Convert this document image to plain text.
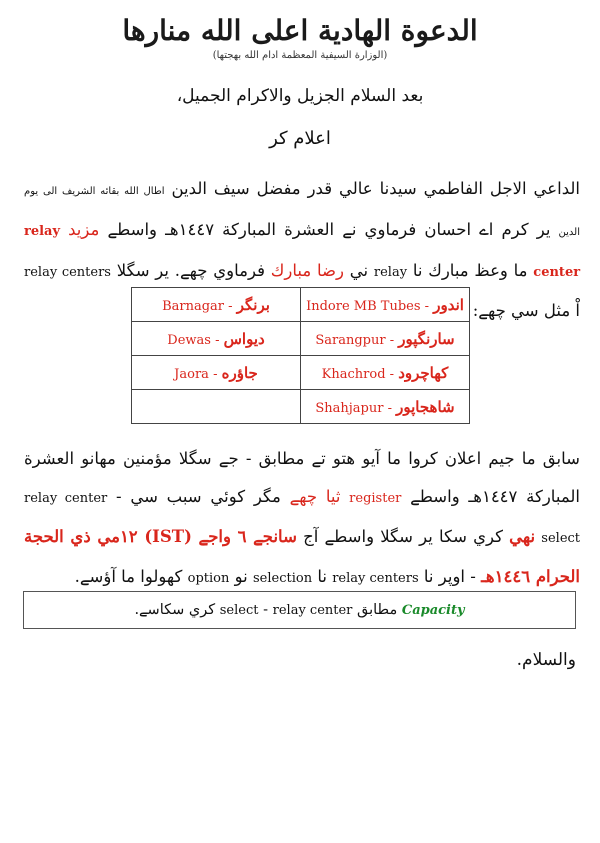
الدعوة الهادية اعلى الله منارها
(الوزارة السيفية المعظمة ادام الله بهجتها)
بعد السلام الجزيل والاكرام الجميل،
اعلام كر
الداعي الاجل الفاطمي سيدنا عالي قدر مفضل سيف الدين اطال الله بقائه الشريف الى يوم الدين ير كرم اے احسان فرماوي نے العشرة المباركة ١٤٤٧هـ واسطے مزيد relay center ما وعظ مبارك نا relay ني رضا مبارك فرماوي چھے. ير سگلا relay centers اْ مثل سي چھے:
اندور - Indore MB Tubes	برنگر - Barnagar
سارنگپور - Sarangpur	ديواس - Dewas
كهاچرود - Khachrod	جاؤره - Jaora
شاهجاپور - Shahjapur	
سابق ما جيم اعلان كروا ما آيو هتو تے مطابق - جے سگلا مؤمنين مهانو العشرة المباركة ١٤٤٧هـ واسطے register ثيا چھے مگر كوئي سبب سي relay center - select نهي كري سكا ير سگلا واسطے آج سانجے ٦ واجے (IST) ١٢مي ذي الحجة الحرام ١٤٤٦هـ - اوپر نا relay centers نا selection نو option كهولوا ما آؤسے.
Capacity

مطابق

relay center
-
select

كري سكاسے.
والسلام.
